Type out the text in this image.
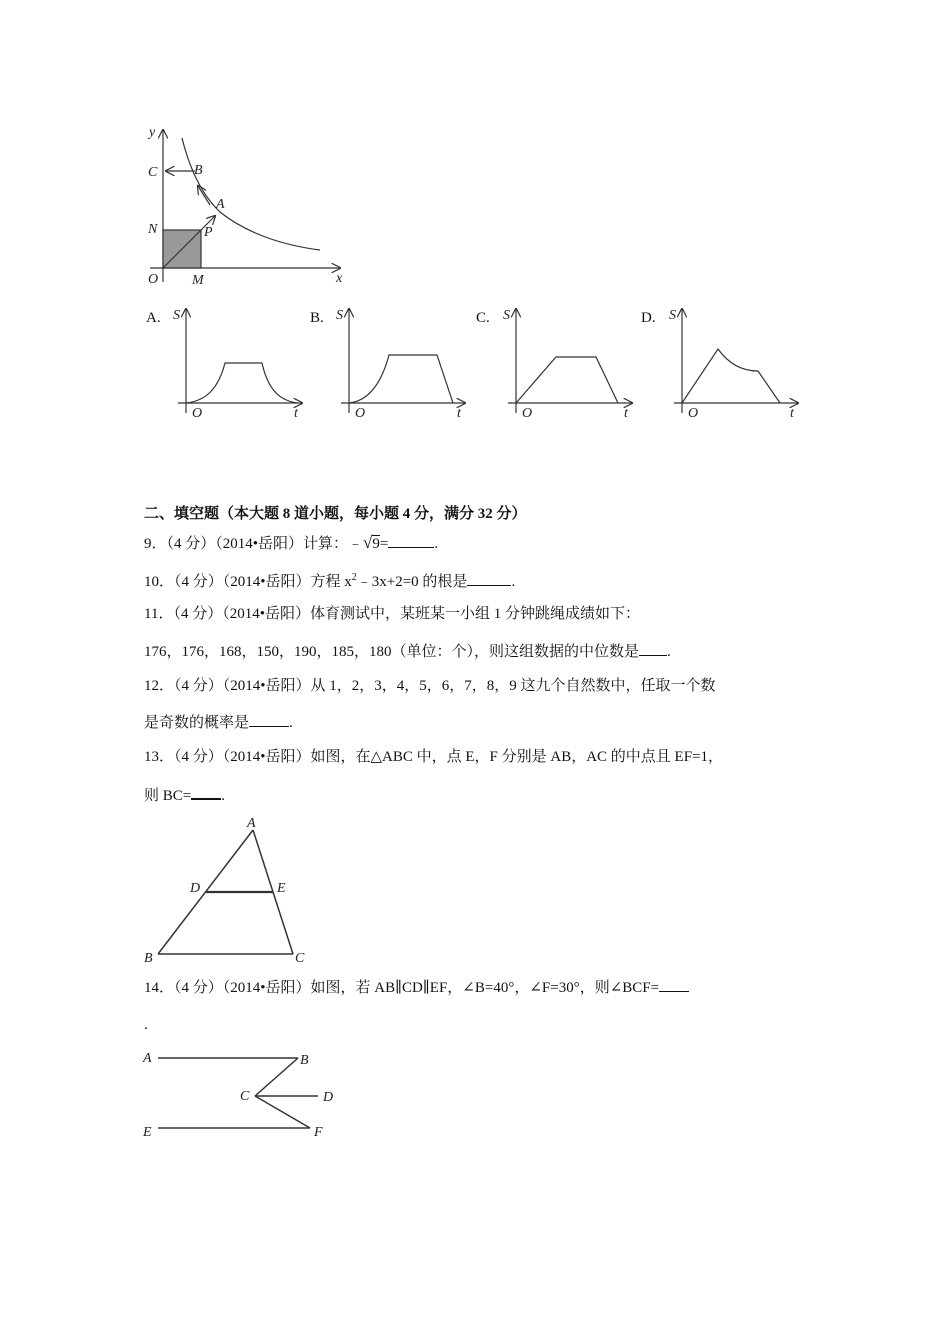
y
x
C	B
A
N	P
O M
A. S
O	t
B. S
O	t
C. S
O	t
D. S
O	t
二、填空题（本大题 8 道小题，每小题 4 分，满分 32 分）
9．（4 分）（2014•岳阳）计算：﹣√9=	.
10．（4 分）（2014•岳阳）方程 $x^2﹣3x+2=0$ 的根是	.
11．（4 分）（2014•岳阳）体育测试中，某班某一小组 1 分钟跳绳成绩如下：
176，176，168，150，190，185，180（单位：个），则这组数据的中位数是 .
12．（4 分）（2014•岳阳）从 1，2，3，4，5，6，7，8，9 这九个自然数中，任取一个数
是奇数的概率是	.
13．（4 分）（2014•岳阳）如图，在△ABC 中，点 E，F 分别是 AB，AC 的中点且 EF=1，
则 BC= .
A
D	E
B	C
14．（4 分）（2014•岳阳）如图，若 AB∥CD∥EF，∠B=40°，∠F=30°，则∠BCF=
.
A	B
C	D
E	F
